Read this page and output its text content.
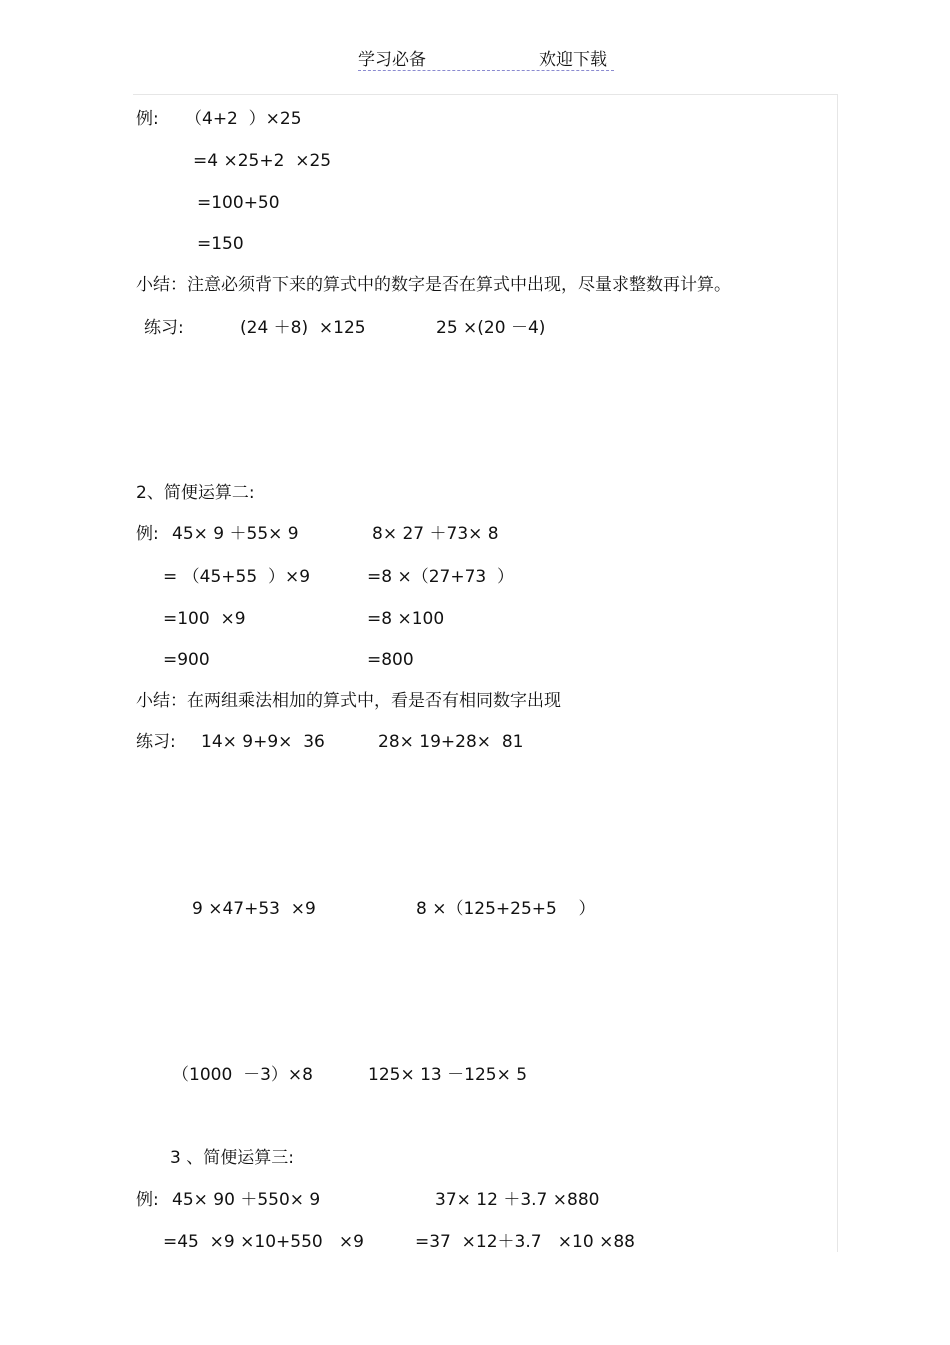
学习必备	欢迎下载
例: （4+2  ）×25
=4 ×25+2  ×25
=100+50
=150
小结：注意必须背下来的算式中的数字是否在算式中出现，尽量求整数再计算。
练习:	(24 ＋8)  ×125	25 ×(20 －4)
2、简便运算二:
例: 45× 9 ＋55× 9	8× 27 ＋73× 8
= （45+55  ）×9	=8 ×（27+73  ）
=100  ×9	=8 ×100
=900	=800
小结：在两组乘法相加的算式中，看是否有相同数字出现
练习: 14× 9+9×  36	28× 19+28×  81
9 ×47+53  ×9	8 ×（125+25+5    ）
（1000  －3）×8	125× 13 －125× 5
3 、简便运算三:
例: 45× 90 ＋550× 9	37× 12 ＋3.7 ×880
=45  ×9 ×10+550   ×9	=37  ×12＋3.7   ×10 ×88
